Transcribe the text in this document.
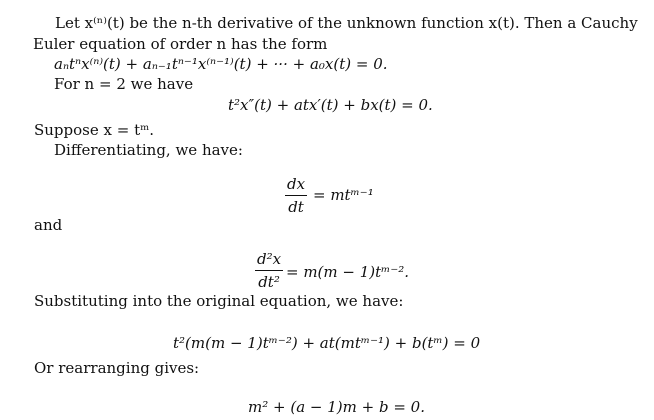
Let x⁽ⁿ⁾(t) be the n-th derivative of the unknown function x(t). Then a Cauchy
Euler equation of order n has the form
aₙtⁿx⁽ⁿ⁾(t) + aₙ₋₁tⁿ⁻¹x⁽ⁿ⁻¹⁾(t) + ··· + a₀x(t) = 0.
For n = 2 we have
t²x″(t) + atx′(t) + bx(t) = 0.
Suppose x = tᵐ.
Differentiating, we have:
dx
dt
= mtᵐ⁻¹
and
d²x
dt²
= m(m − 1)tᵐ⁻².
Substituting into the original equation, we have:
t²(m(m − 1)tᵐ⁻²) + at(mtᵐ⁻¹) + b(tᵐ) = 0
Or rearranging gives:
m² + (a − 1)m + b = 0.
